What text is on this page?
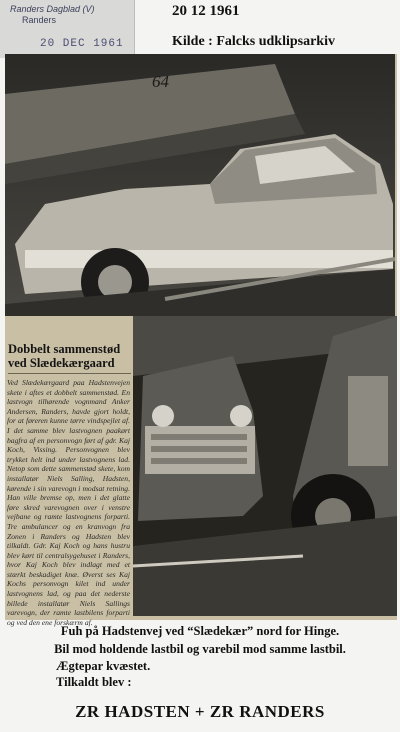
Randers Dagblad (V)
Randers
20 DEC 1961
20 12 1961
Kilde : Falcks udklipsarkiv
64
Dobbelt sammenstød ved Slædekærgaard
Ved Slædekærgaard paa Hadstenvejen skete i aftes et dobbelt sammenstød. En lastvogn tilhørende vognmand Anker Andersen, Randers, havde gjort holdt, for at føreren kunne tørre vindspejlet af. I det samme blev lastvognen paakørt bagfra af en personvogn ført af gdr. Kaj Koch, Vissing. Personvognen blev trykket helt ind under lastvognens lad. Netop som dette sammenstød skete, kom installatør Niels Salling, Hadsten, kørende i sin varevogn i modsat retning. Han ville bremse op, men i det glatte føre skred varevognen over i venstre vejbane og ramte lastvognens forparti. Tre ambulancer og en kranvogn fra Zonen i Randers og Hadsten blev tilkaldt. Gdr. Kaj Koch og hans hustru blev kørt til centralsygehuset i Randers, hvor Kaj Koch blev indlagt med et stærkt beskadiget knæ. Øverst ses Kaj Kochs personvogn kilet ind under lastvognens lad, og paa det nederste billede installatør Niels Sallings varevogn, der ramte lastbilens forparti og ved den ene forskærm af.
Fuh på Hadstenvej ved “Slædekær” nord for Hinge.
Bil mod holdende lastbil og varebil mod samme lastbil.
Ægtepar kvæstet.
Tilkaldt blev :
ZR HADSTEN + ZR RANDERS
